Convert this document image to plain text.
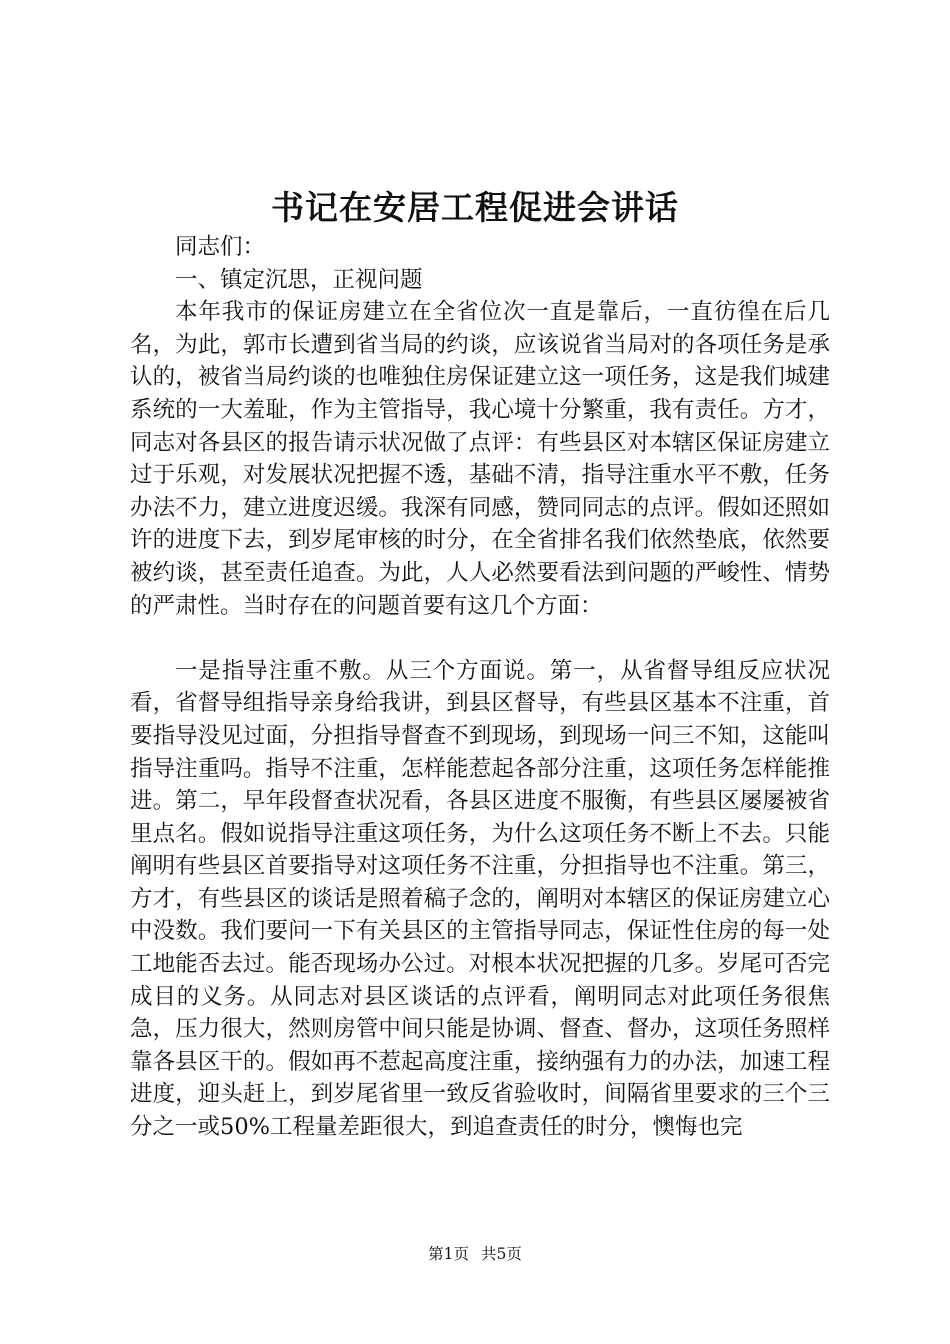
书记在安居工程促进会讲话

同志们：

一、镇定沉思，正视问题

本年我市的保证房建立在全省位次一直是靠后，一直彷徨在后几名，为此，郭市长遭到省当局的约谈，应该说省当局对的各项任务是承认的，被省当局约谈的也唯独住房保证建立这一项任务，这是我们城建系统的一大羞耻，作为主管指导，我心境十分繁重，我有责任。方才，同志对各县区的报告请示状况做了点评：有些县区对本辖区保证房建立过于乐观，对发展状况把握不透，基础不清，指导注重水平不敷，任务办法不力，建立进度迟缓。我深有同感，赞同同志的点评。假如还照如许的进度下去，到岁尾审核的时分，在全省排名我们依然垫底，依然要被约谈，甚至责任追查。为此，人人必然要看法到问题的严峻性、情势的严肃性。当时存在的问题首要有这几个方面：

一是指导注重不敷。从三个方面说。第一，从省督导组反应状况看，省督导组指导亲身给我讲，到县区督导，有些县区基本不注重，首要指导没见过面，分担指导督查不到现场，到现场一问三不知，这能叫指导注重吗。指导不注重，怎样能惹起各部分注重，这项任务怎样能推进。第二，早年段督查状况看，各县区进度不服衡，有些县区屡屡被省里点名。假如说指导注重这项任务，为什么这项任务不断上不去。只能阐明有些县区首要指导对这项任务不注重，分担指导也不注重。第三，方才，有些县区的谈话是照着稿子念的，阐明对本辖区的保证房建立心中没数。我们要问一下有关县区的主管指导同志，保证性住房的每一处工地能否去过。能否现场办公过。对根本状况把握的几多。岁尾可否完成目的义务。从同志对县区谈话的点评看，阐明同志对此项任务很焦急，压力很大，然则房管中间只能是协调、督查、督办，这项任务照样靠各县区干的。假如再不惹起高度注重，接纳强有力的办法，加速工程进度，迎头赶上，到岁尾省里一致反省验收时，间隔省里要求的三个三分之一或50%工程量差距很大，到追查责任的时分，懊悔也完

第1页 共5页
